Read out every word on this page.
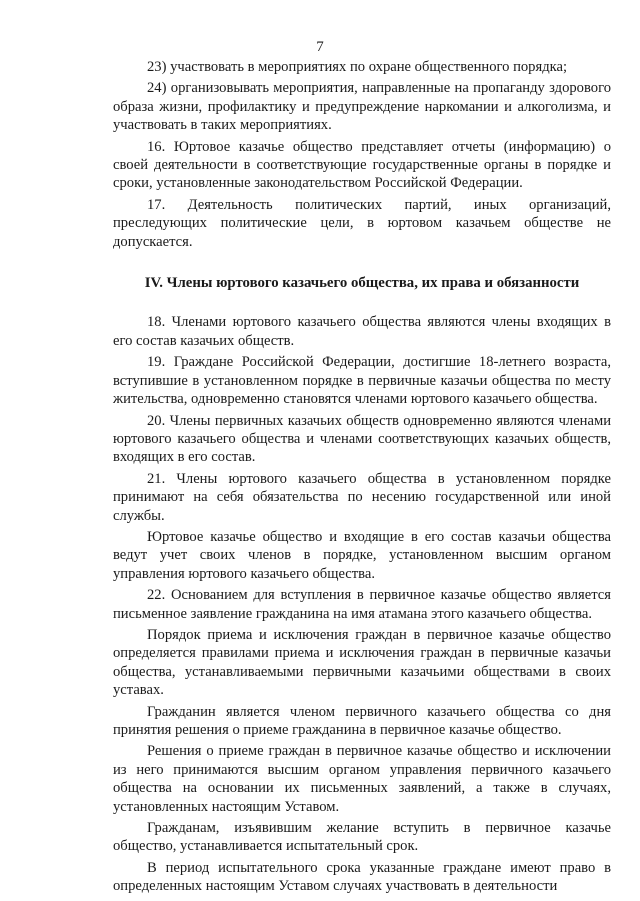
7

23) участвовать в мероприятиях по охране общественного порядка;

24) организовывать мероприятия, направленные на пропаганду здорового образа жизни, профилактику и предупреждение наркомании и алкоголизма, и участвовать в таких мероприятиях.

16. Юртовое казачье общество представляет отчеты (информацию) о своей деятельности в соответствующие государственные органы в порядке и сроки, установленные законодательством Российской Федерации.

17. Деятельность политических партий, иных организаций, преследующих политические цели, в юртовом казачьем обществе не допускается.

IV. Члены юртового казачьего общества, их права и обязанности

18. Членами юртового казачьего общества являются члены входящих в его состав казачьих обществ.

19. Граждане Российской Федерации, достигшие 18-летнего возраста, вступившие в установленном порядке в первичные казачьи общества по месту жительства, одновременно становятся членами юртового казачьего общества.

20. Члены первичных казачьих обществ одновременно являются членами юртового казачьего общества и членами соответствующих казачьих обществ, входящих в его состав.

21. Члены юртового казачьего общества в установленном порядке принимают на себя обязательства по несению государственной или иной службы.

Юртовое казачье общество и входящие в его состав казачьи общества ведут учет своих членов в порядке, установленном высшим органом управления юртового казачьего общества.

22. Основанием для вступления в первичное казачье общество является письменное заявление гражданина на имя атамана этого казачьего общества.

Порядок приема и исключения граждан в первичное казачье общество определяется правилами приема и исключения граждан в первичные казачьи общества, устанавливаемыми первичными казачьими обществами в своих уставах.

Гражданин является членом первичного казачьего общества со дня принятия решения о приеме гражданина в первичное казачье общество.

Решения о приеме граждан в первичное казачье общество и исключении из него принимаются высшим органом управления первичного казачьего общества на основании их письменных заявлений, а также в случаях, установленных настоящим Уставом.

Гражданам, изъявившим желание вступить в первичное казачье общество, устанавливается испытательный срок.

В период испытательного срока указанные граждане имеют право в определенных настоящим Уставом случаях участвовать в деятельности
